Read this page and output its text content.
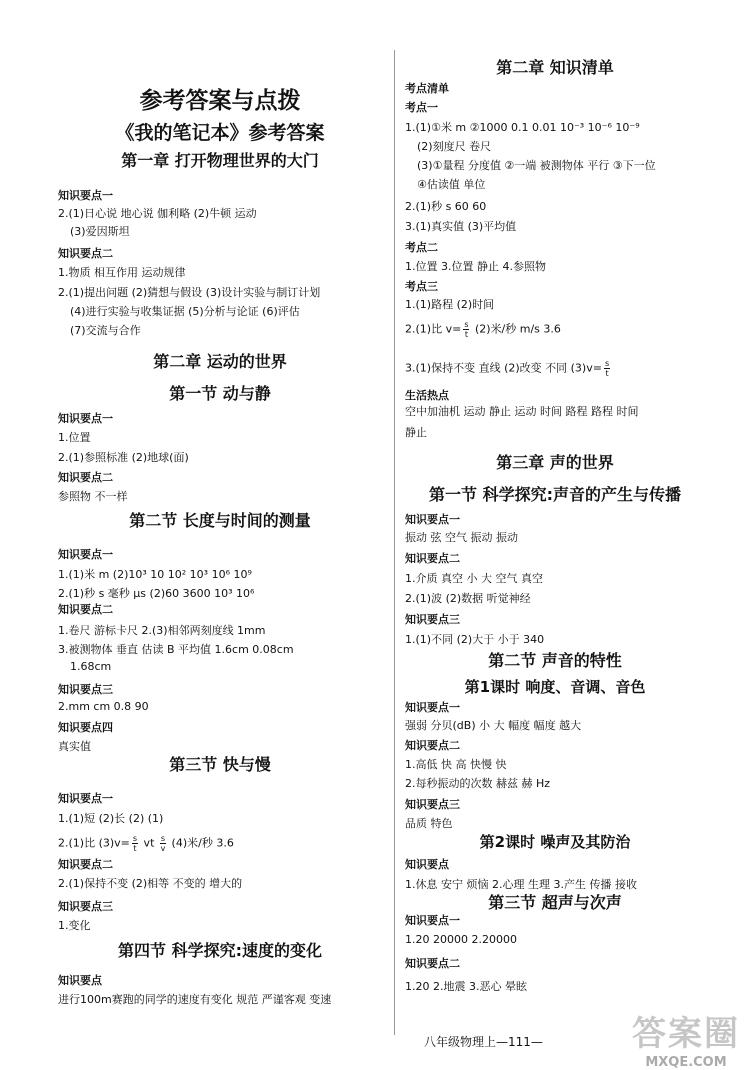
参考答案与点拨
《我的笔记本》参考答案
第一章 打开物理世界的大门
知识要点一
2.(1)日心说 地心说 伽利略 (2)牛顿 运动
(3)爱因斯坦
知识要点二
1.物质 相互作用 运动规律
2.(1)提出问题 (2)猜想与假设 (3)设计实验与制订计划
(4)进行实验与收集证据 (5)分析与论证 (6)评估
(7)交流与合作
第二章 运动的世界
第一节 动与静
知识要点一
1.位置
2.(1)参照标准 (2)地球(面)
知识要点二
参照物 不一样
第二节 长度与时间的测量
知识要点一
1.(1)米 m (2)10³ 10 10² 10³ 10⁶ 10⁹
2.(1)秒 s 毫秒 μs (2)60 3600 10³ 10⁶
知识要点二
1.卷尺 游标卡尺 2.(3)相邻两刻度线 1mm
3.被测物体 垂直 估读 B 平均值 1.6cm 0.08cm
1.68cm
知识要点三
2.mm cm 0.8 90
知识要点四
真实值
第三节 快与慢
知识要点一
1.(1)短 (2)长 (2) (1)
2.(1)比 $(3)v= \frac{s}{t}$ vt $\frac{s}{v} (4)$米/秒 3.6
知识要点二
2.(1)保持不变 (2)相等 不变的 增大的
知识要点三
1.变化
第四节 科学探究:速度的变化
知识要点
进行100m赛跑的同学的速度有变化 规范 严谨客观 变速
第二章 知识清单
考点清单
考点一
1.(1)①米 m ②1000 0.1 0.01 10⁻³ 10⁻⁶ 10⁻⁹
(2)刻度尺 卷尺
(3)①量程 分度值 ②一端 被测物体 平行 ③下一位
④估读值 单位
2.(1)秒 s 60 60
3.(1)真实值 (3)平均值
考点二
1.位置 3.位置 静止 4.参照物
考点三
1.(1)路程 (2)时间
2.(1)比 $v= \frac{s}{t} (2)$米/秒 m/s 3.6
3.(1)保持不变 直线 (2)改变 不同 $(3)v= \frac{s}{t}$
生活热点
空中加油机 运动 静止 运动 时间 路程 路程 时间
静止
第三章 声的世界
第一节 科学探究:声音的产生与传播
知识要点一
振动 弦 空气 振动 振动
知识要点二
1.介质 真空 小 大 空气 真空
2.(1)波 (2)数据 听觉神经
知识要点三
1.(1)不同 (2)大于 小于 340
第二节 声音的特性
第1课时 响度、音调、音色
知识要点一
强弱 分贝(dB) 小 大 幅度 幅度 越大
知识要点二
1.高低 快 高 快慢 快
2.每秒振动的次数 赫兹 赫 Hz
知识要点三
品质 特色
第2课时 噪声及其防治
知识要点
1.休息 安宁 烦恼 2.心理 生理 3.产生 传播 接收
第三节 超声与次声
知识要点一
1.20 20000 2.20000
知识要点二
1.20 2.地震 3.恶心 晕眩
八年级物理上—111—	答案圈
MXQE.COM
